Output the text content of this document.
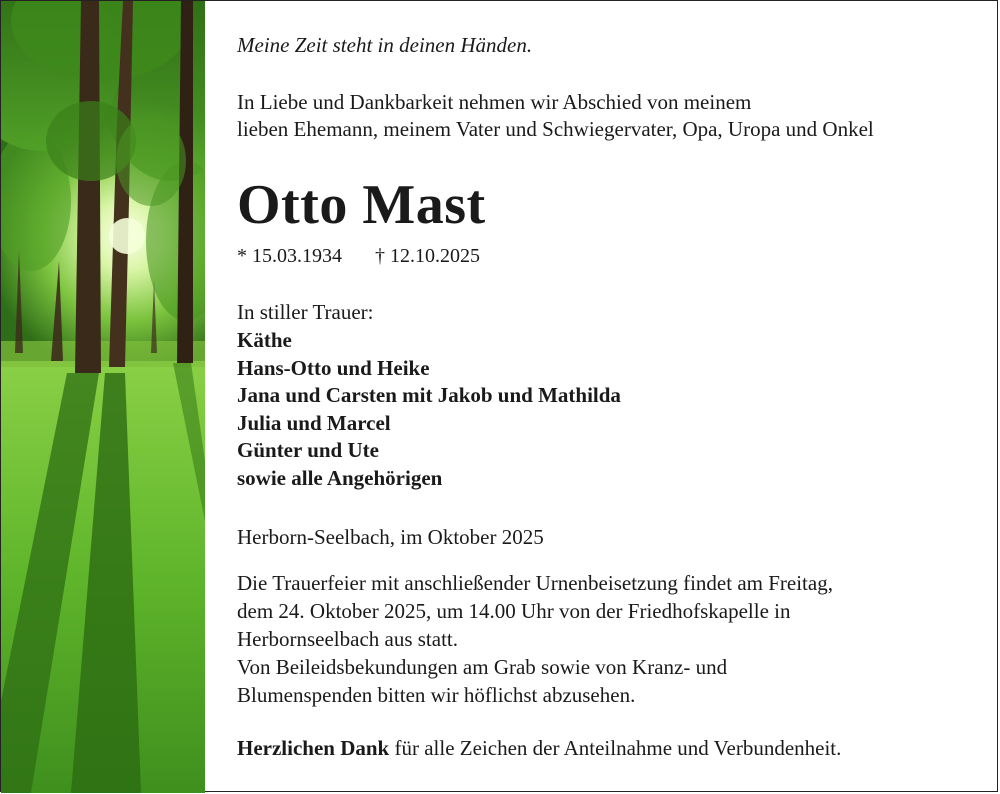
Meine Zeit steht in deinen Händen.
In Liebe und Dankbarkeit nehmen wir Abschied von meinem
lieben Ehemann, meinem Vater und Schwiegervater, Opa, Uropa und Onkel
Otto Mast
* 15.03.1934 † 12.10.2025
In stiller Trauer:
Käthe
Hans-Otto und Heike
Jana und Carsten mit Jakob und Mathilda
Julia und Marcel
Günter und Ute
sowie alle Angehörigen
Herborn-Seelbach, im Oktober 2025
Die Trauerfeier mit anschließender Urnenbeisetzung findet am Freitag,
dem 24. Oktober 2025, um 14.00 Uhr von der Friedhofskapelle in
Herbornseelbach aus statt.
Von Beileidsbekundungen am Grab sowie von Kranz- und
Blumenspenden bitten wir höflichst abzusehen.
Herzlichen Dank für alle Zeichen der Anteilnahme und Verbundenheit.
